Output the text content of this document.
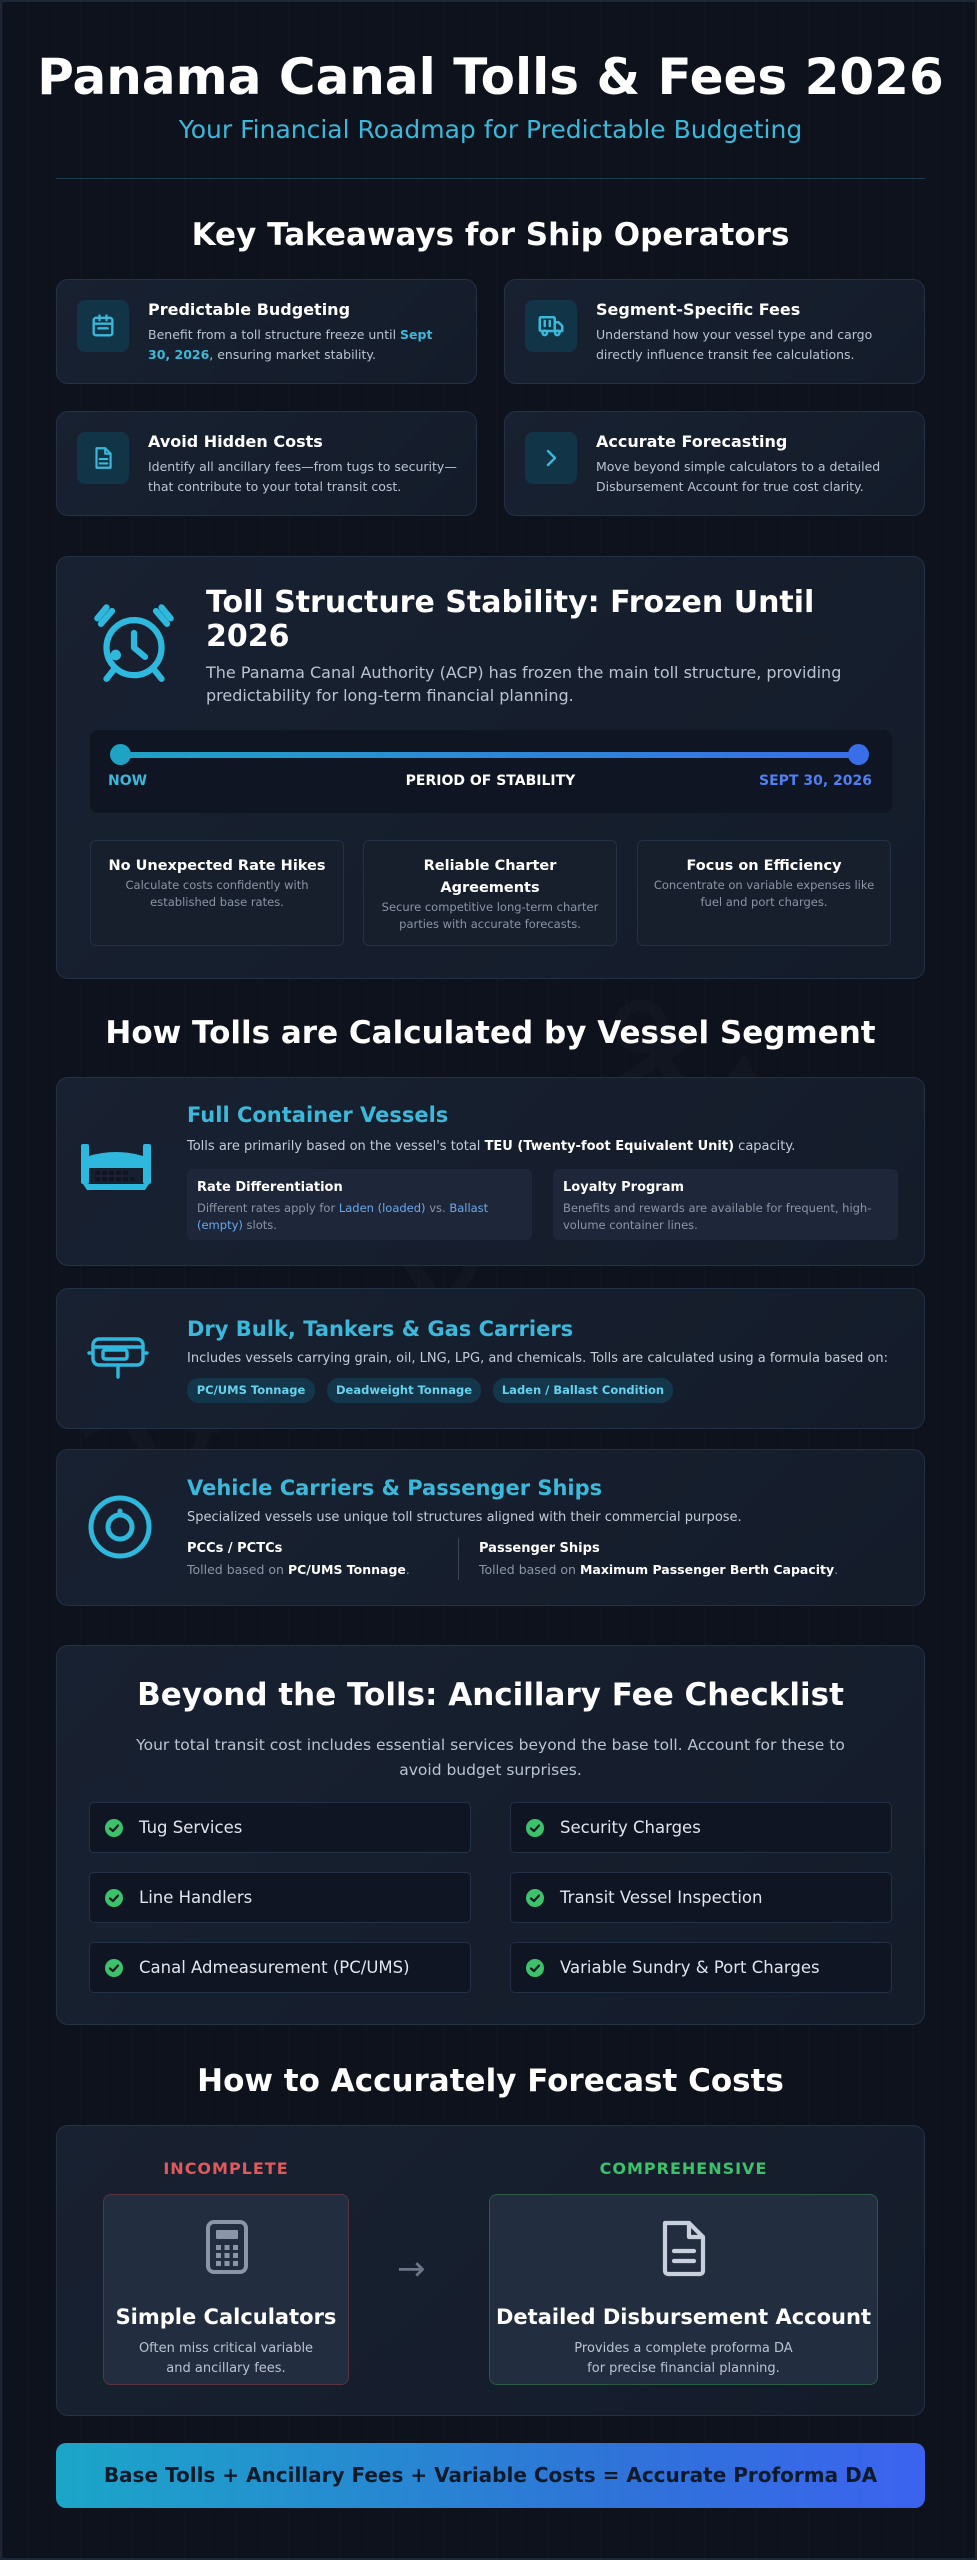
Panama Canal Tolls & Fees 2026
Your Financial Roadmap for Predictable Budgeting
Key Takeaways for Ship Operators
Predictable Budgeting
Benefit from a toll structure freeze until Sept 30, 2026, ensuring market stability.
Segment-Specific Fees
Understand how your vessel type and cargo directly influence transit fee calculations.
Avoid Hidden Costs
Identify all ancillary fees—from tugs to security—that contribute to your total transit cost.
Accurate Forecasting
Move beyond simple calculators to a detailed Disbursement Account for true cost clarity.
Toll Structure Stability: Frozen Until 2026
The Panama Canal Authority (ACP) has frozen the main toll structure, providing predictability for long-term financial planning.
NOW	PERIOD OF STABILITY	SEPT 30, 2026
No Unexpected Rate Hikes
Calculate costs confidently with established base rates.
Reliable Charter Agreements
Secure competitive long-term charter parties with accurate forecasts.
Focus on Efficiency
Concentrate on variable expenses like fuel and port charges.
How Tolls are Calculated by Vessel Segment
Full Container Vessels
Tolls are primarily based on the vessel's total TEU (Twenty-foot Equivalent Unit) capacity.
Rate Differentiation
Different rates apply for Laden (loaded) vs. Ballast (empty) slots.
Loyalty Program
Benefits and rewards are available for frequent, high-volume container lines.
Dry Bulk, Tankers & Gas Carriers
Includes vessels carrying grain, oil, LNG, LPG, and chemicals. Tolls are calculated using a formula based on:
PC/UMS Tonnage	Deadweight Tonnage	Laden / Ballast Condition
Vehicle Carriers & Passenger Ships
Specialized vessels use unique toll structures aligned with their commercial purpose.
PCCs / PCTCs
Tolled based on PC/UMS Tonnage.
Passenger Ships
Tolled based on Maximum Passenger Berth Capacity.
Beyond the Tolls: Ancillary Fee Checklist
Your total transit cost includes essential services beyond the base toll. Account for these to avoid budget surprises.
Tug Services	Security Charges
Line Handlers	Transit Vessel Inspection
Canal Admeasurement (PC/UMS)	Variable Sundry & Port Charges
How to Accurately Forecast Costs
INCOMPLETE
Simple Calculators
Often miss critical variable and ancillary fees.
→
COMPREHENSIVE
Detailed Disbursement Account
Provides a complete proforma DA for precise financial planning.
Base Tolls + Ancillary Fees + Variable Costs = Accurate Proforma DA
